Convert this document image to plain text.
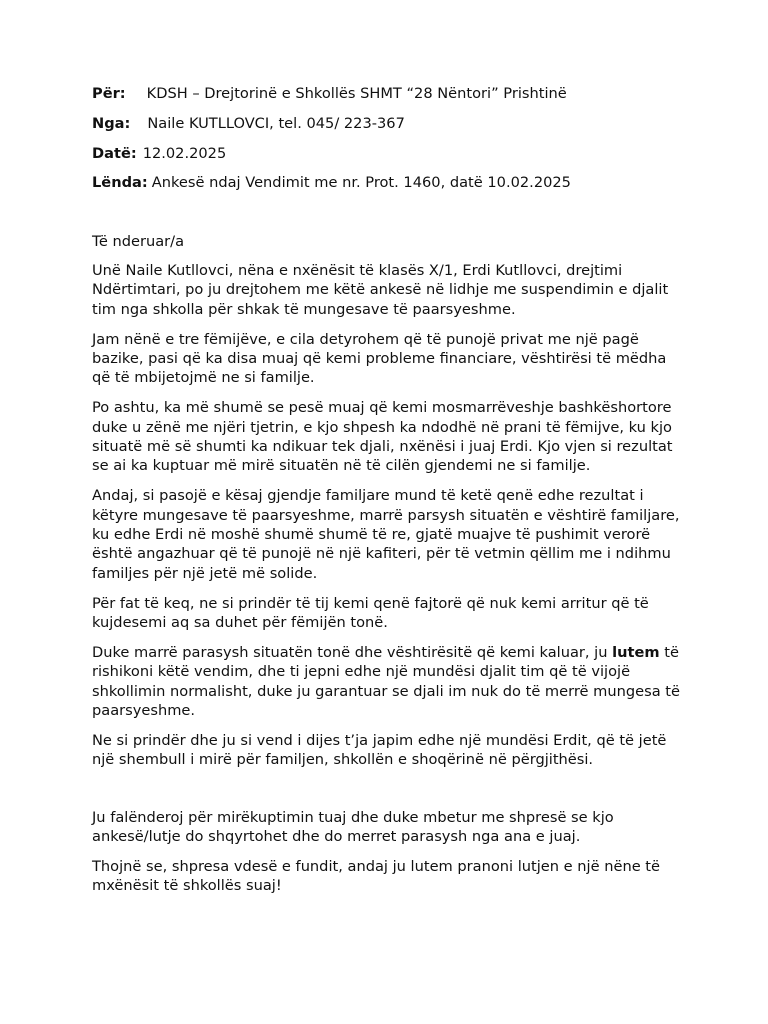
Për: KDSH – Drejtorinë e Shkollës SHMT “28 Nëntori” Prishtinë
Nga: Naile KUTLLOVCI, tel. 045/ 223-367
Datë: 12.02.2025
Lënda: Ankesë ndaj Vendimit me nr. Prot. 1460, datë 10.02.2025
Të nderuar/a

Unë Naile Kutllovci, nëna e nxënësit të klasës X/1, Erdi Kutllovci, drejtimi Ndërtimtari, po ju drejtohem me këtë ankesë në lidhje me suspendimin e djalit tim nga shkolla për shkak të mungesave të paarsyeshme.

Jam nënë e tre fëmijëve, e cila detyrohem që të punojë privat me një pagë bazike, pasi që ka disa muaj që kemi probleme financiare, vështirësi të mëdha që të mbijetojmë ne si familje.

Po ashtu, ka më shumë se pesë muaj që kemi mosmarrëveshje bashkëshortore duke u zënë me njëri tjetrin, e kjo shpesh ka ndodhë në prani të fëmijve, ku kjo situatë më së shumti ka ndikuar tek djali, nxënësi i juaj Erdi. Kjo vjen si rezultat se ai ka kuptuar më mirë situatën në të cilën gjendemi ne si familje.

Andaj, si pasojë e kësaj gjendje familjare mund të ketë qenë edhe rezultat i këtyre mungesave të paarsyeshme, marrë parsysh situatën e vështirë familjare, ku edhe Erdi në moshë shumë shumë të re, gjatë muajve të pushimit verorë është angazhuar që të punojë në një kafiteri, për të vetmin qëllim me i ndihmu familjes për një jetë më solide.

Për fat të keq, ne si prindër të tij kemi qenë fajtorë që nuk kemi arritur që të kujdesemi aq sa duhet për fëmijën tonë.

Duke marrë parasysh situatën tonë dhe vështirësitë që kemi kaluar, ju lutem të rishikoni këtë vendim, dhe ti jepni edhe një mundësi djalit tim që të vijojë shkollimin normalisht, duke ju garantuar se djali im nuk do të merrë mungesa të paarsyeshme.

Ne si prindër dhe ju si vend i dijes t’ja japim edhe një mundësi Erdit, që të jetë një shembull i mirë për familjen, shkollën e shoqërinë në përgjithësi.

Ju falënderoj për mirëkuptimin tuaj dhe duke mbetur me shpresë se kjo ankesë/lutje do shqyrtohet dhe do merret parasysh nga ana e juaj.

Thojnë se, shpresa vdesë e fundit, andaj ju lutem pranoni lutjen e një nëne të mxënësit të shkollës suaj!
